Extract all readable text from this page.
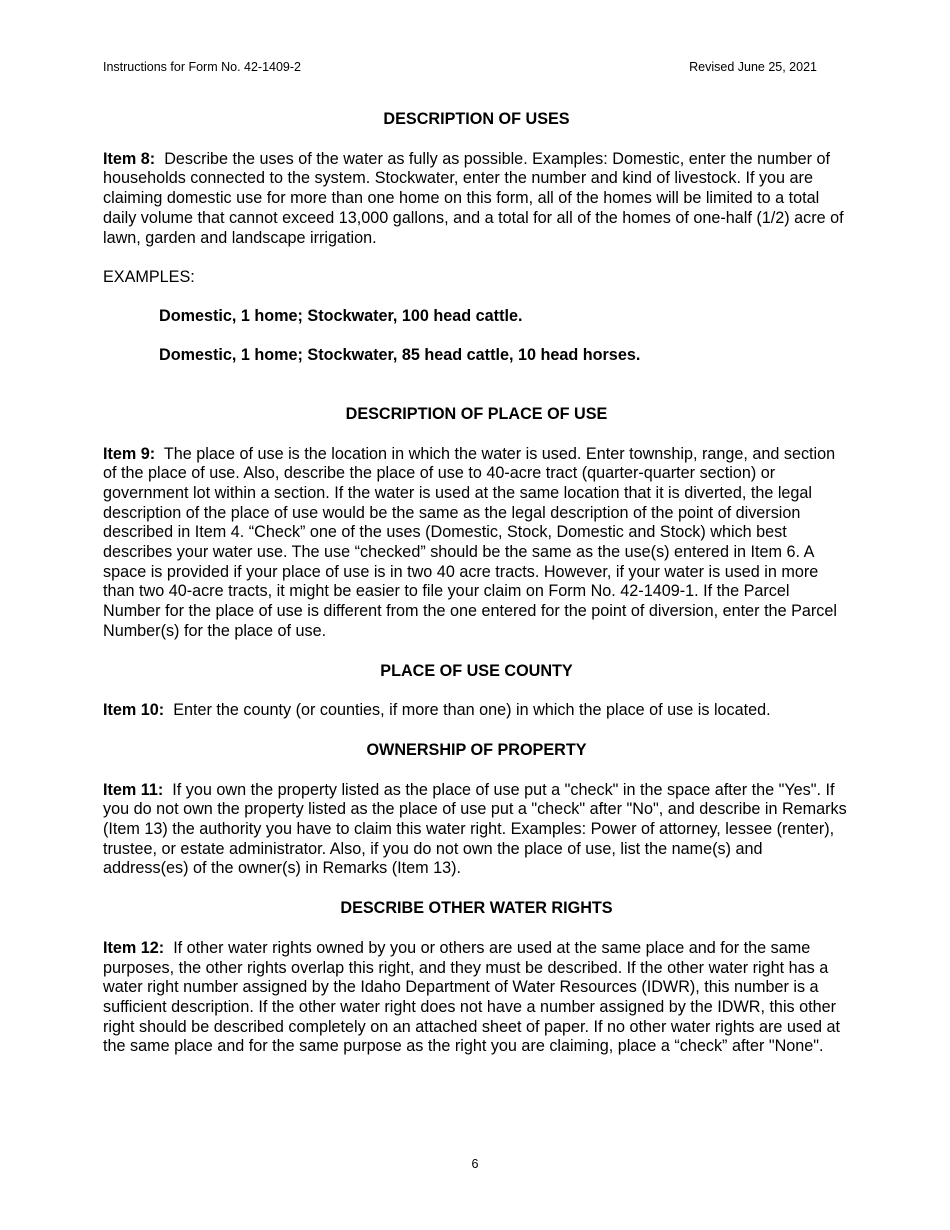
Instructions for Form No. 42-1409-2	Revised June 25, 2021
DESCRIPTION OF USES

Item 8: Describe the uses of the water as fully as possible. Examples: Domestic, enter the number of households connected to the system. Stockwater, enter the number and kind of livestock. If you are claiming domestic use for more than one home on this form, all of the homes will be limited to a total daily volume that cannot exceed 13,000 gallons, and a total for all of the homes of one-half (1/2) acre of lawn, garden and landscape irrigation.

EXAMPLES:

Domestic, 1 home; Stockwater, 100 head cattle.

Domestic, 1 home; Stockwater, 85 head cattle, 10 head horses.

DESCRIPTION OF PLACE OF USE

Item 9: The place of use is the location in which the water is used. Enter township, range, and section of the place of use. Also, describe the place of use to 40-acre tract (quarter-quarter section) or government lot within a section. If the water is used at the same location that it is diverted, the legal description of the place of use would be the same as the legal description of the point of diversion described in Item 4. “Check” one of the uses (Domestic, Stock, Domestic and Stock) which best describes your water use. The use “checked” should be the same as the use(s) entered in Item 6. A space is provided if your place of use is in two 40 acre tracts. However, if your water is used in more than two 40-acre tracts, it might be easier to file your claim on Form No. 42-1409-1. If the Parcel Number for the place of use is different from the one entered for the point of diversion, enter the Parcel Number(s) for the place of use.

PLACE OF USE COUNTY

Item 10: Enter the county (or counties, if more than one) in which the place of use is located.

OWNERSHIP OF PROPERTY

Item 11: If you own the property listed as the place of use put a "check" in the space after the "Yes". If you do not own the property listed as the place of use put a "check" after "No", and describe in Remarks (Item 13) the authority you have to claim this water right. Examples: Power of attorney, lessee (renter), trustee, or estate administrator. Also, if you do not own the place of use, list the name(s) and address(es) of the owner(s) in Remarks (Item 13).

DESCRIBE OTHER WATER RIGHTS

Item 12: If other water rights owned by you or others are used at the same place and for the same purposes, the other rights overlap this right, and they must be described. If the other water right has a water right number assigned by the Idaho Department of Water Resources (IDWR), this number is a sufficient description. If the other water right does not have a number assigned by the IDWR, this other right should be described completely on an attached sheet of paper. If no other water rights are used at the same place and for the same purpose as the right you are claiming, place a “check” after "None".

6
